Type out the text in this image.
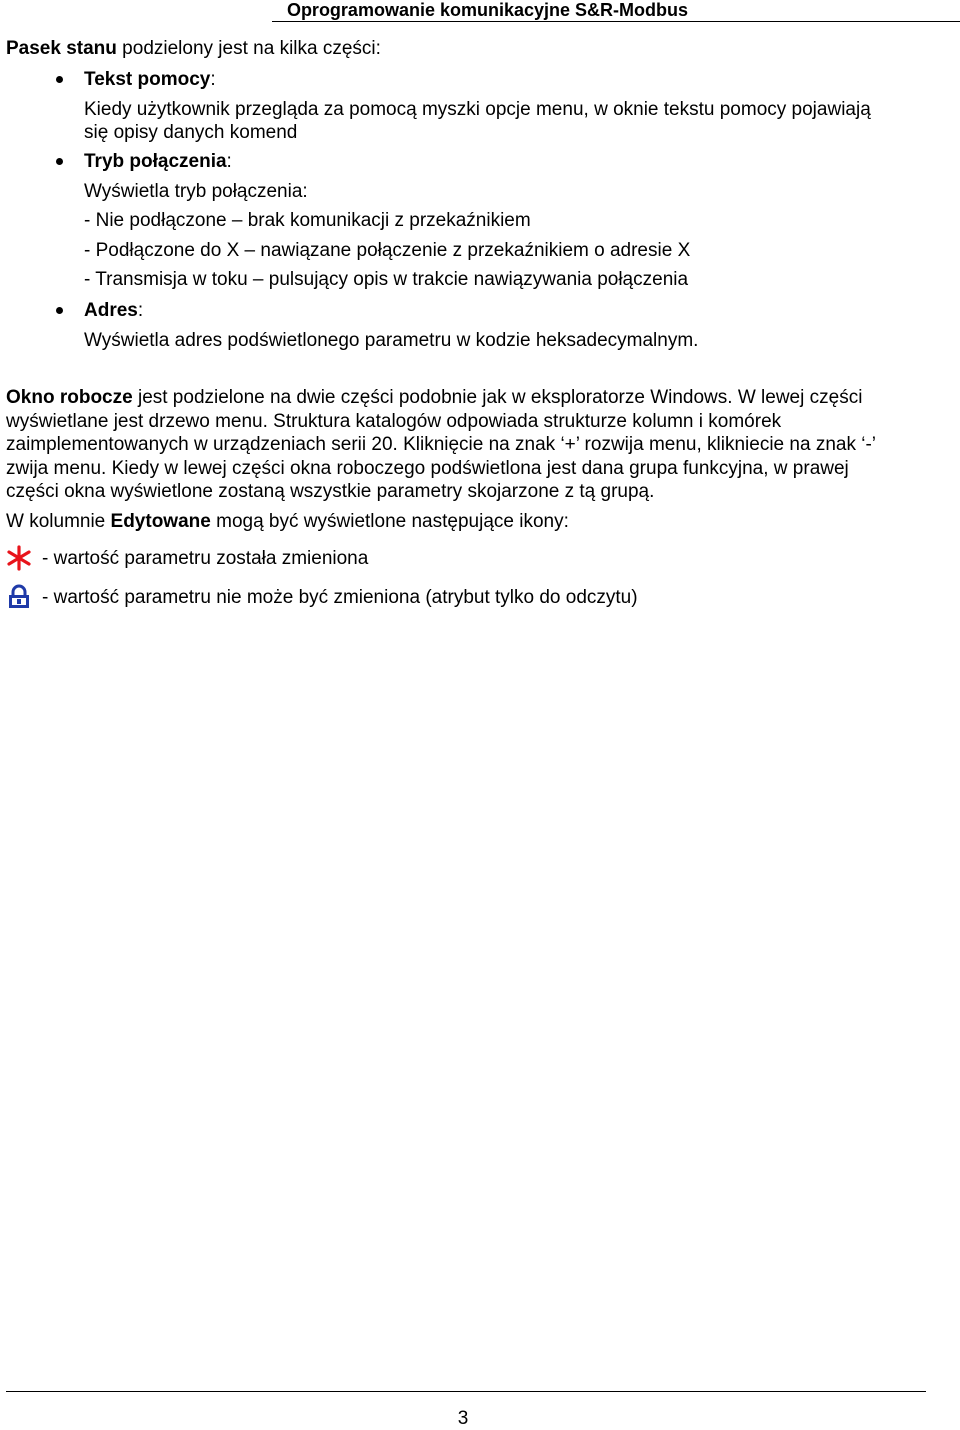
Oprogramowanie komunikacyjne S&R-Modbus
Pasek stanu podzielony jest na kilka części:
Tekst pomocy:
Kiedy użytkownik przegląda za pomocą myszki opcje menu, w oknie tekstu pomocy pojawiają
się opisy danych komend
Tryb połączenia:
Wyświetla tryb połączenia:
- Nie podłączone – brak komunikacji z przekaźnikiem
- Podłączone do X – nawiązane połączenie z przekaźnikiem o adresie X
- Transmisja w toku – pulsujący opis w trakcie nawiązywania połączenia
Adres:
Wyświetla adres podświetlonego parametru w kodzie heksadecymalnym.
Okno robocze jest podzielone na dwie części podobnie jak w eksploratorze Windows. W lewej części
wyświetlane jest drzewo menu. Struktura katalogów odpowiada strukturze kolumn i komórek
zaimplementowanych w urządzeniach serii 20. Kliknięcie na znak ‘+’ rozwija menu, klikniecie na znak ‘-’
zwija menu. Kiedy w lewej części okna roboczego podświetlona jest dana grupa funkcyjna, w prawej
części okna wyświetlone zostaną wszystkie parametry skojarzone z tą grupą.
W kolumnie Edytowane mogą być wyświetlone następujące ikony:
- wartość parametru została zmieniona
- wartość parametru nie może być zmieniona (atrybut tylko do odczytu)
3
